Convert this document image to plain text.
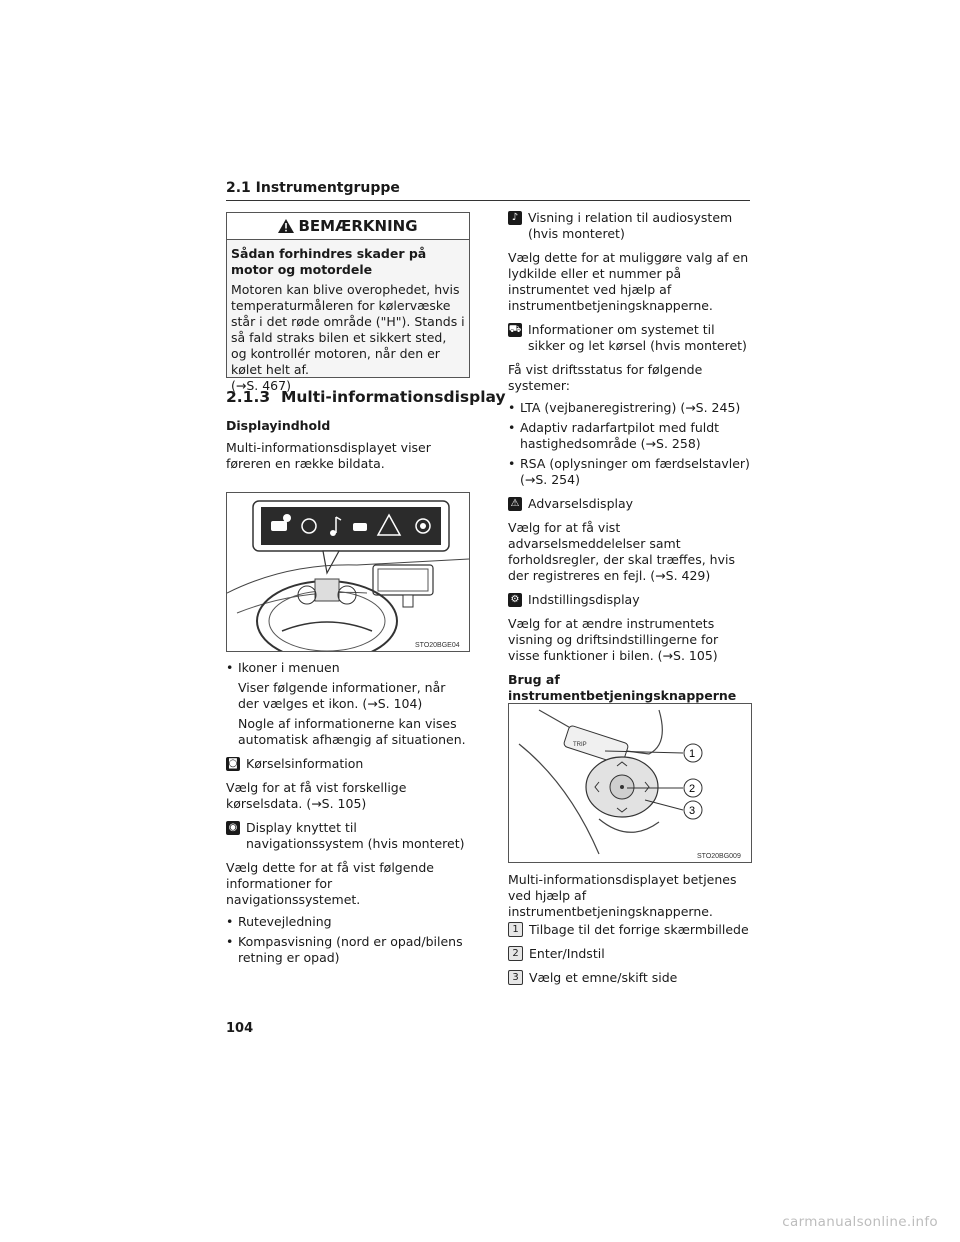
2.1 Instrumentgruppe
BEMÆRKNING

Sådan forhindres skader på motor og motordele

Motoren kan blive overophedet, hvis temperaturmåleren for kølervæske står i det røde område ("H"). Stands i så fald straks bilen et sikkert sted, og kontrollér motoren, når den er kølet helt af.

(→S. 467)

2.1.3 Multi-informationsdisplay

Displayindhold

Multi-informationsdisplayet viser føreren en række bildata.

STO20BGE04

• Ikoner i menuen

Viser følgende informationer, når der vælges et ikon. (→S. 104)

Nogle af informationerne kan vises automatisk afhængig af situationen.

◙ Kørselsinformation

Vælg for at få vist forskellige kørselsdata. (→S. 105)

◉ Display knyttet til navigationssystem (hvis monteret)

Vælg dette for at få vist følgende informationer for navigationssystemet.

• Rutevejledning

• Kompasvisning (nord er opad/bilens retning er opad)

♪ Visning i relation til audiosystem (hvis monteret)

Vælg dette for at muliggøre valg af en lydkilde eller et nummer på instrumentet ved hjælp af instrumentbetjeningsknapperne.

⛟ Informationer om systemet til sikker og let kørsel (hvis monteret)

Få vist driftsstatus for følgende systemer:

• LTA (vejbaneregistrering) (→S. 245)

• Adaptiv radarfartpilot med fuldt hastighedsområde (→S. 258)

• RSA (oplysninger om færdselstavler) (→S. 254)

⚠ Advarselsdisplay

Vælg for at få vist advarselsmeddelelser samt forholdsregler, der skal træffes, hvis der registreres en fejl. (→S. 429)

⚙ Indstillingsdisplay

Vælg for at ændre instrumentets visning og driftsindstillingerne for visse funktioner i bilen. (→S. 105)

Brug af instrumentbetjeningsknapperne

TRIP
1
2
3
STO20BG009

Multi-informationsdisplayet betjenes ved hjælp af instrumentbetjeningsknapperne.

1 Tilbage til det forrige skærmbillede
2 Enter/Indstil
3 Vælg et emne/skift side
104
carmanualsonline.info
